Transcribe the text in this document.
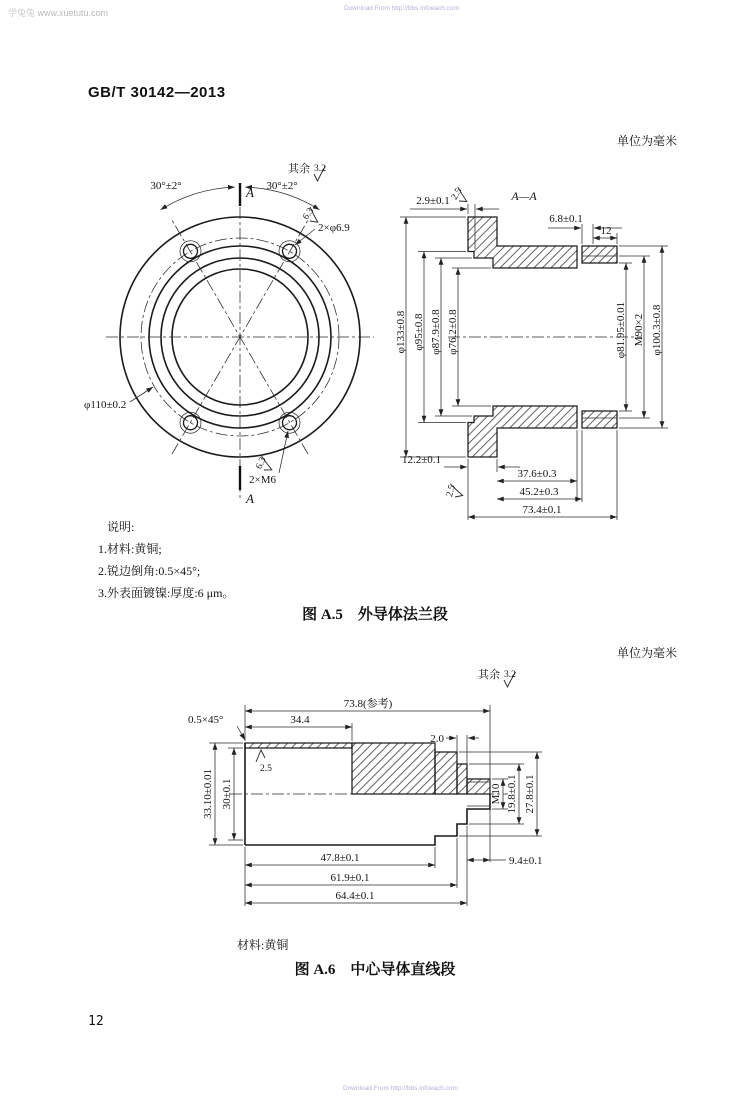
学兔兔 www.xuetutu.com	Download From http://bbs.infoeach.com
Download From http://bbs.infoeach.com
GB/T 30142—2013
单位为毫米
说明:
1.材料:黄铜;
2.锐边倒角:0.5×45°;
3.外表面镀镍:厚度:6 μm。
图 A.5　外导体法兰段
单位为毫米
材料:黄铜
图 A.6　中心导体直线段
12
A
A
30°±2°	30°±2°
2×φ6.9
6.3
φ110±0.2
2×M6
6.3
其余 3.2
A—A
φ133±0.8 φ95±0.8 φ87.9±0.8 φ76.2±0.8	φ81.95±0.01 M90×2 φ100.3±0.8
2.9±0.1 2.5
6.8±0.1
12
12.2±0.1
37.6±0.3
45.2±0.3
73.4±0.1
2.5
其余 3.2
73.8(参考)
34.4
0.5×45°
2.5
2.0
33.10±0.01 30±0.1	M10 19.8±0.1 27.8±0.1
47.8±0.1
61.9±0.1
64.4±0.1
9.4±0.1
